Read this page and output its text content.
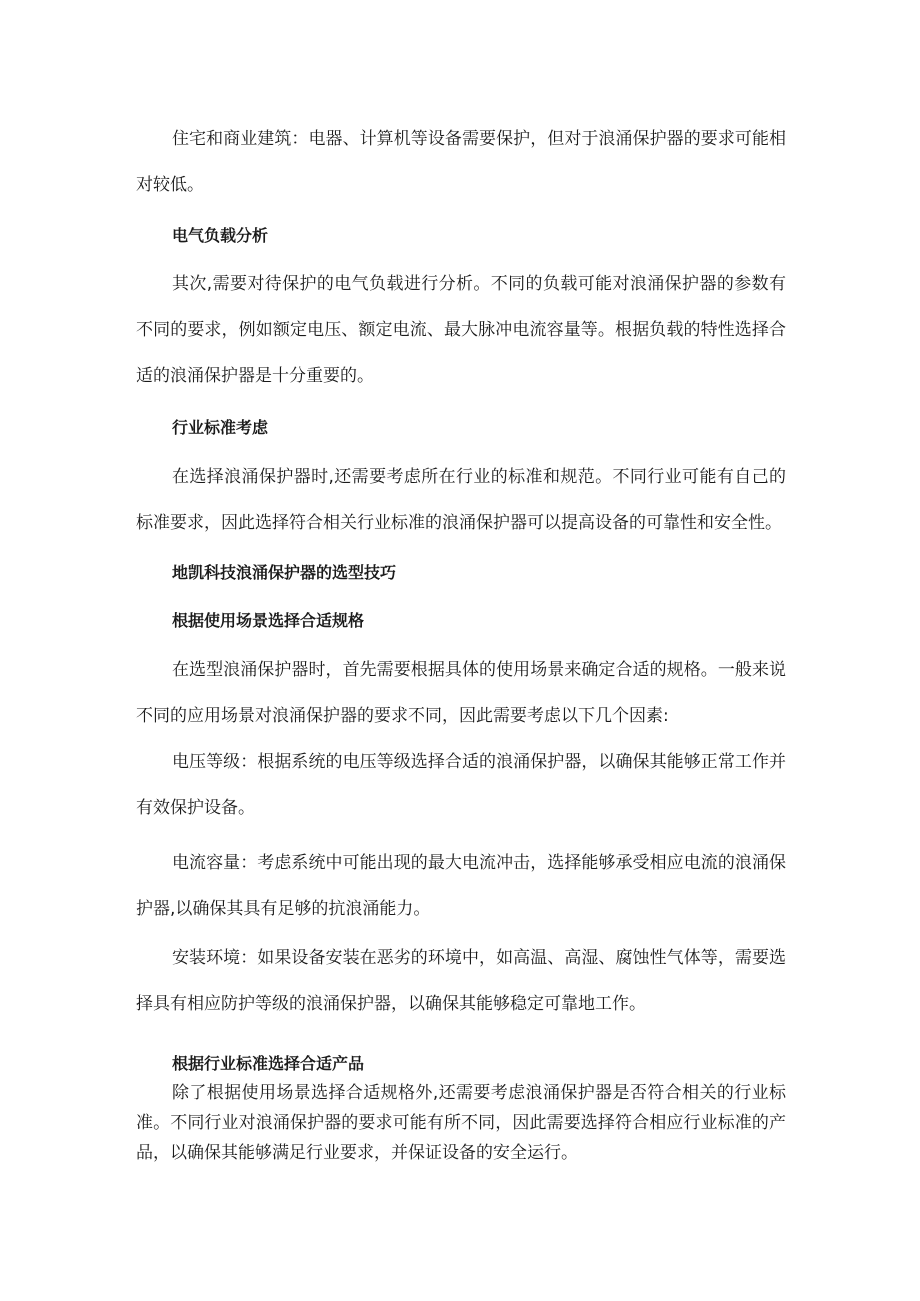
住宅和商业建筑：电器、计算机等设备需要保护，但对于浪涌保护器的要求可能相对较低。

电气负载分析

其次,需要对待保护的电气负载进行分析。不同的负载可能对浪涌保护器的参数有不同的要求，例如额定电压、额定电流、最大脉冲电流容量等。根据负载的特性选择合适的浪涌保护器是十分重要的。

行业标准考虑

在选择浪涌保护器时,还需要考虑所在行业的标准和规范。不同行业可能有自己的标准要求，因此选择符合相关行业标准的浪涌保护器可以提高设备的可靠性和安全性。

地凯科技浪涌保护器的选型技巧
根据使用场景选择合适规格

在选型浪涌保护器时，首先需要根据具体的使用场景来确定合适的规格。一般来说不同的应用场景对浪涌保护器的要求不同，因此需要考虑以下几个因素:

电压等级：根据系统的电压等级选择合适的浪涌保护器，以确保其能够正常工作并有效保护设备。

电流容量：考虑系统中可能出现的最大电流冲击，选择能够承受相应电流的浪涌保护器,以确保其具有足够的抗浪涌能力。

安装环境：如果设备安装在恶劣的环境中，如高温、高湿、腐蚀性气体等，需要选择具有相应防护等级的浪涌保护器，以确保其能够稳定可靠地工作。

根据行业标准选择合适产品

除了根据使用场景选择合适规格外,还需要考虑浪涌保护器是否符合相关的行业标准。不同行业对浪涌保护器的要求可能有所不同，因此需要选择符合相应行业标准的产品，以确保其能够满足行业要求，并保证设备的安全运行。
